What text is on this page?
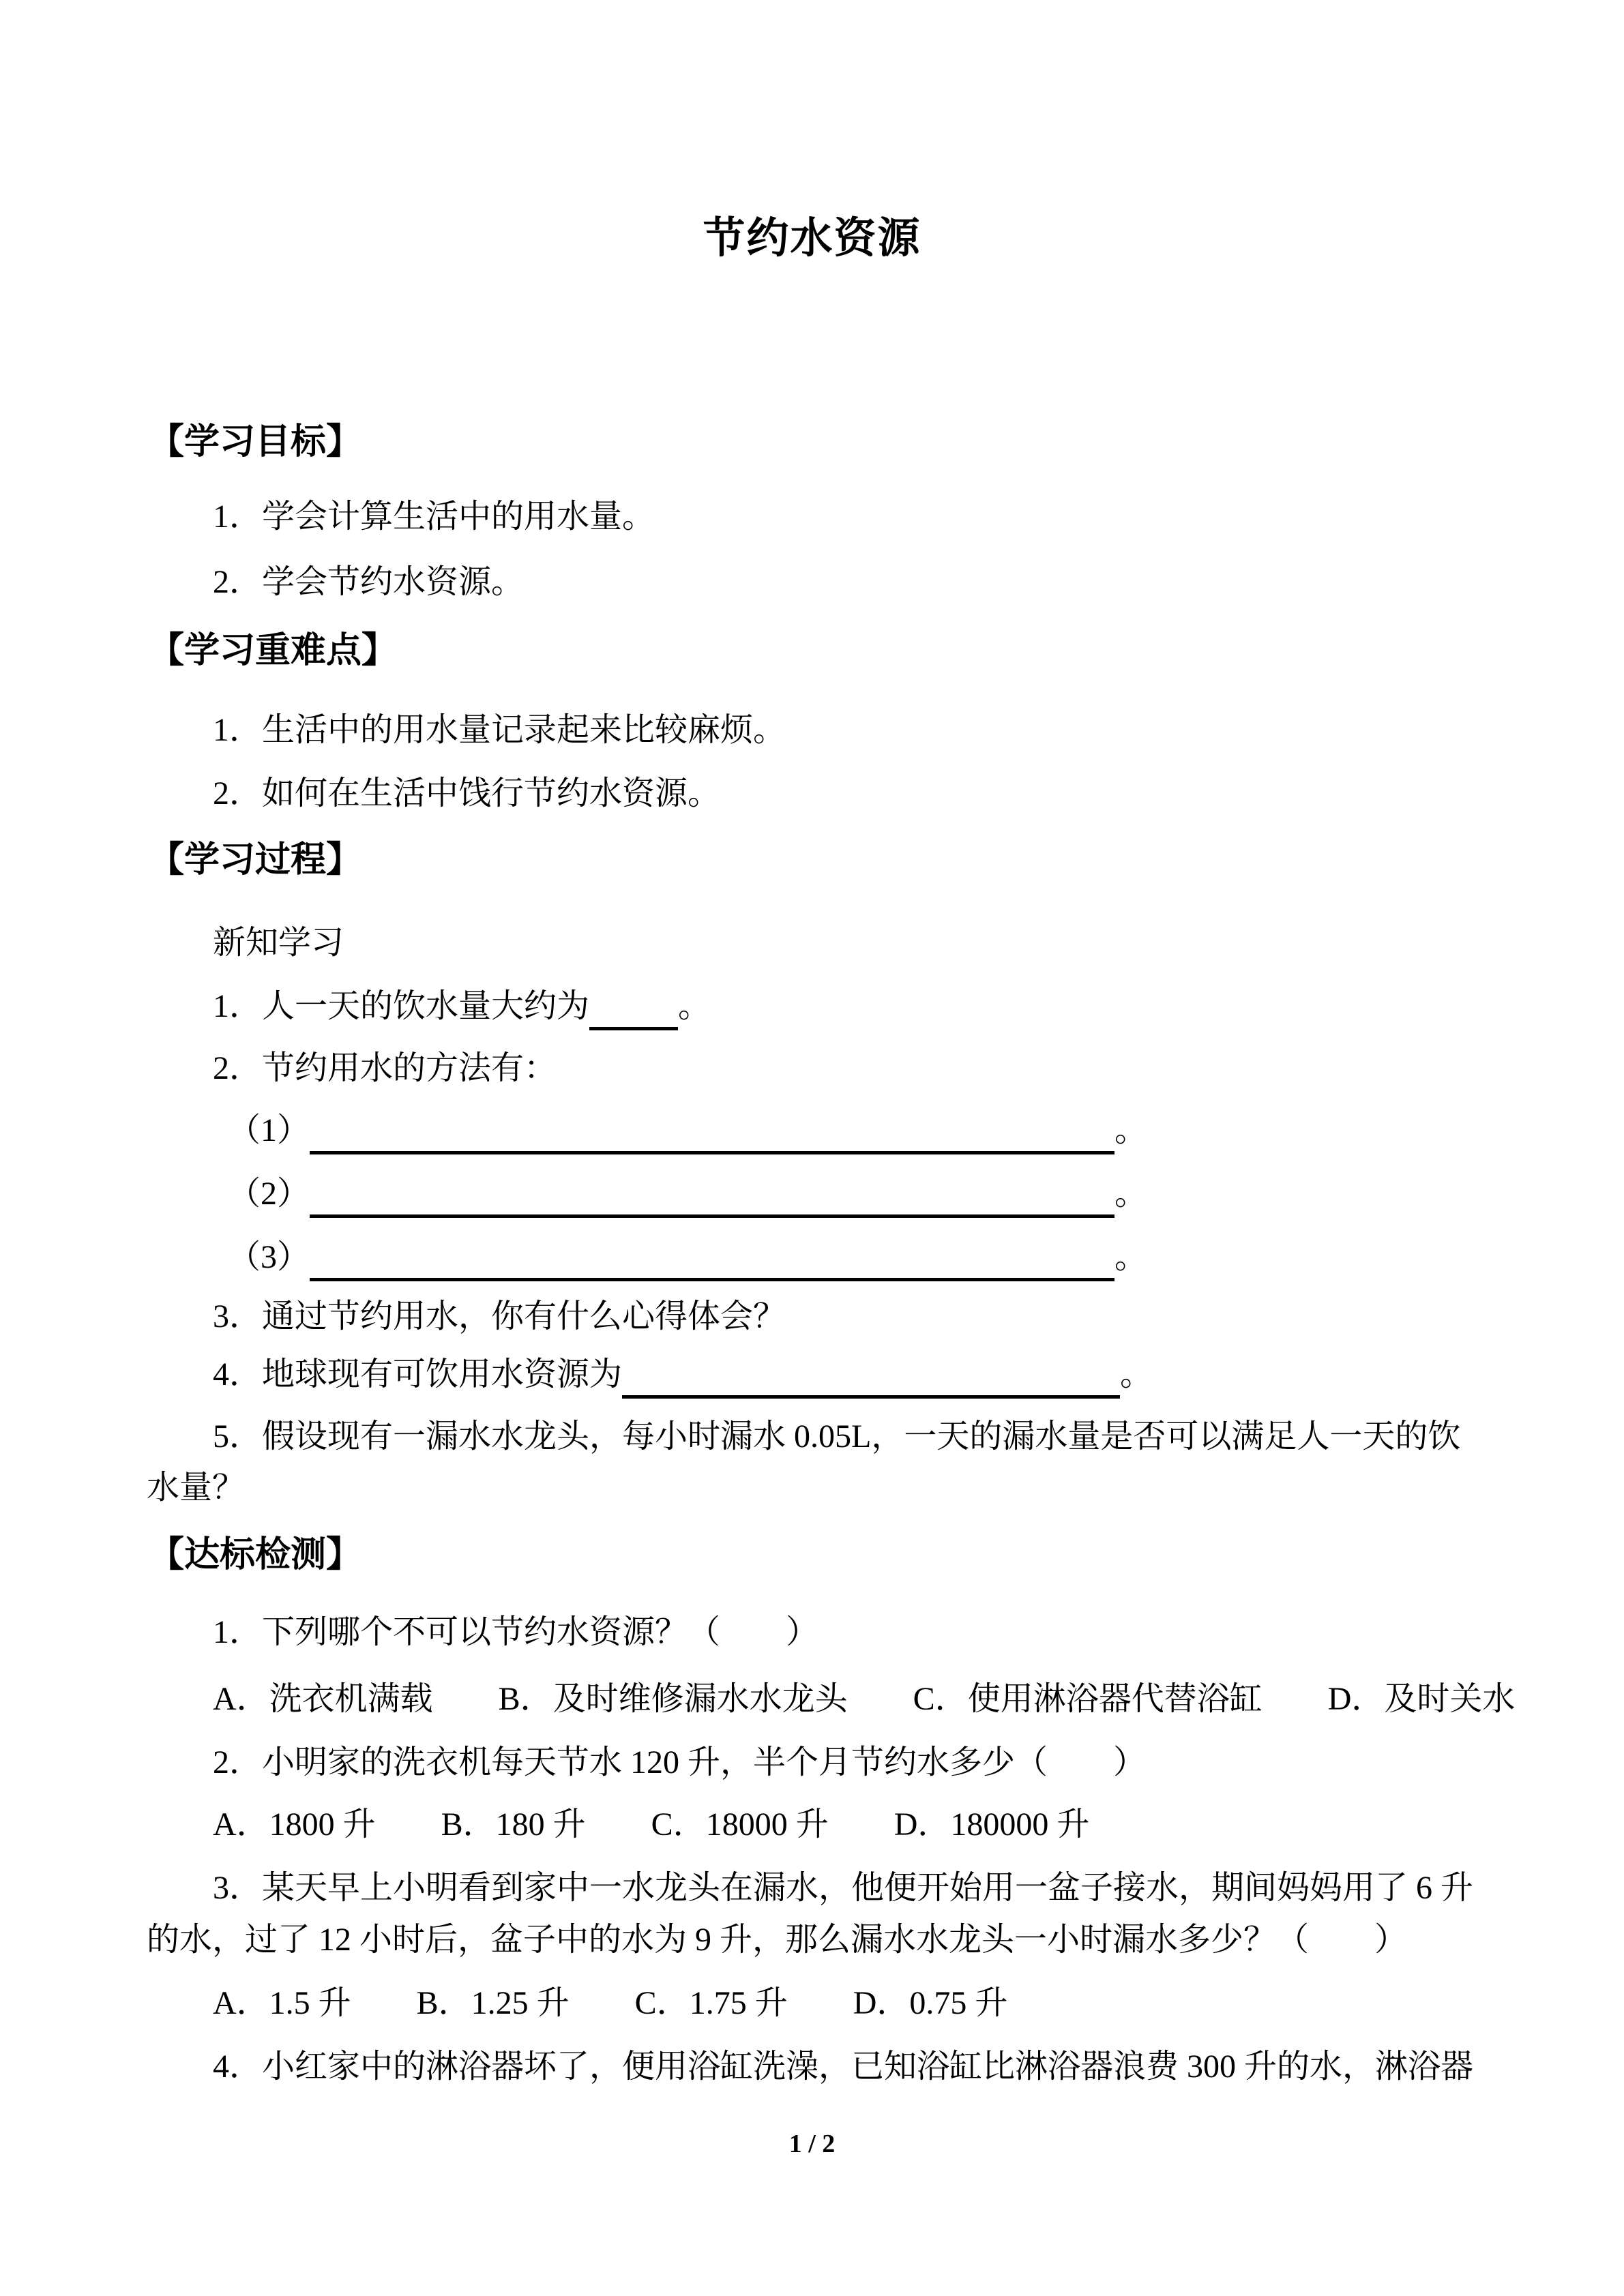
节约水资源
【学习目标】
1．学会计算生活中的用水量。
2．学会节约水资源。
【学习重难点】
1．生活中的用水量记录起来比较麻烦。
2．如何在生活中饯行节约水资源。
【学习过程】
新知学习
1．人一天的饮水量大约为	。
2．节约用水的方法有：
（1）	。
（2）	。
（3）	。
3．通过节约用水，你有什么心得体会？
4．地球现有可饮用水资源为	。
5．假设现有一漏水水龙头，每小时漏水 0.05L，一天的漏水量是否可以满足人一天的饮
水量？
【达标检测】
1．下列哪个不可以节约水资源？（　　）
A．洗衣机满载　　B．及时维修漏水水龙头　　C．使用淋浴器代替浴缸　　D．及时关水
2．小明家的洗衣机每天节水 120 升，半个月节约水多少（　　）
A．1800 升　　B．180 升　　C．18000 升　　D．180000 升
3．某天早上小明看到家中一水龙头在漏水，他便开始用一盆子接水，期间妈妈用了 6 升
的水，过了 12 小时后，盆子中的水为 9 升，那么漏水水龙头一小时漏水多少？（　　）
A．1.5 升　　B．1.25 升　　C．1.75 升　　D．0.75 升
4．小红家中的淋浴器坏了，便用浴缸洗澡，已知浴缸比淋浴器浪费 300 升的水，淋浴器
1 / 2
